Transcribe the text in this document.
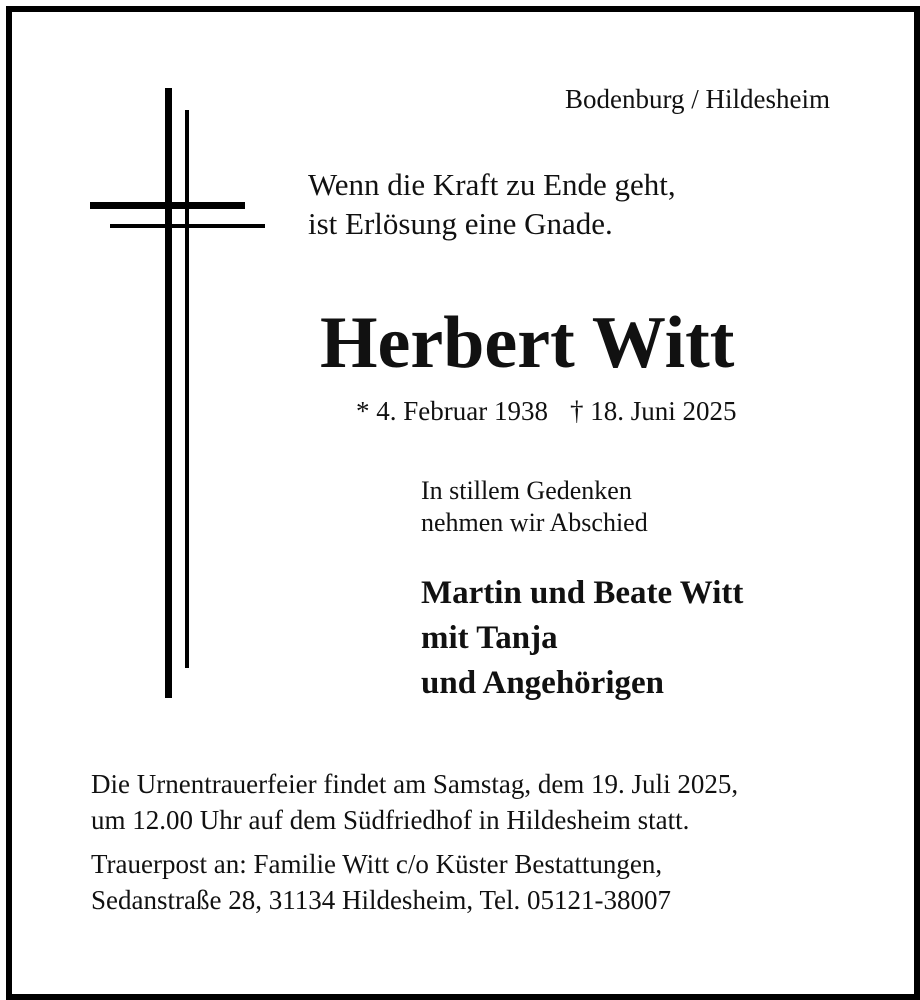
Bodenburg / Hildesheim
Wenn die Kraft zu Ende geht,
ist Erlösung eine Gnade.
Herbert Witt
* 4. Februar 1938 † 18. Juni 2025
In stillem Gedenken
nehmen wir Abschied
Martin und Beate Witt
mit Tanja
und Angehörigen
Die Urnentrauerfeier findet am Samstag, dem 19. Juli 2025,
um 12.00 Uhr auf dem Südfriedhof in Hildesheim statt.
Trauerpost an: Familie Witt c/o Küster Bestattungen,
Sedanstraße 28, 31134 Hildesheim, Tel. 05121-38007
